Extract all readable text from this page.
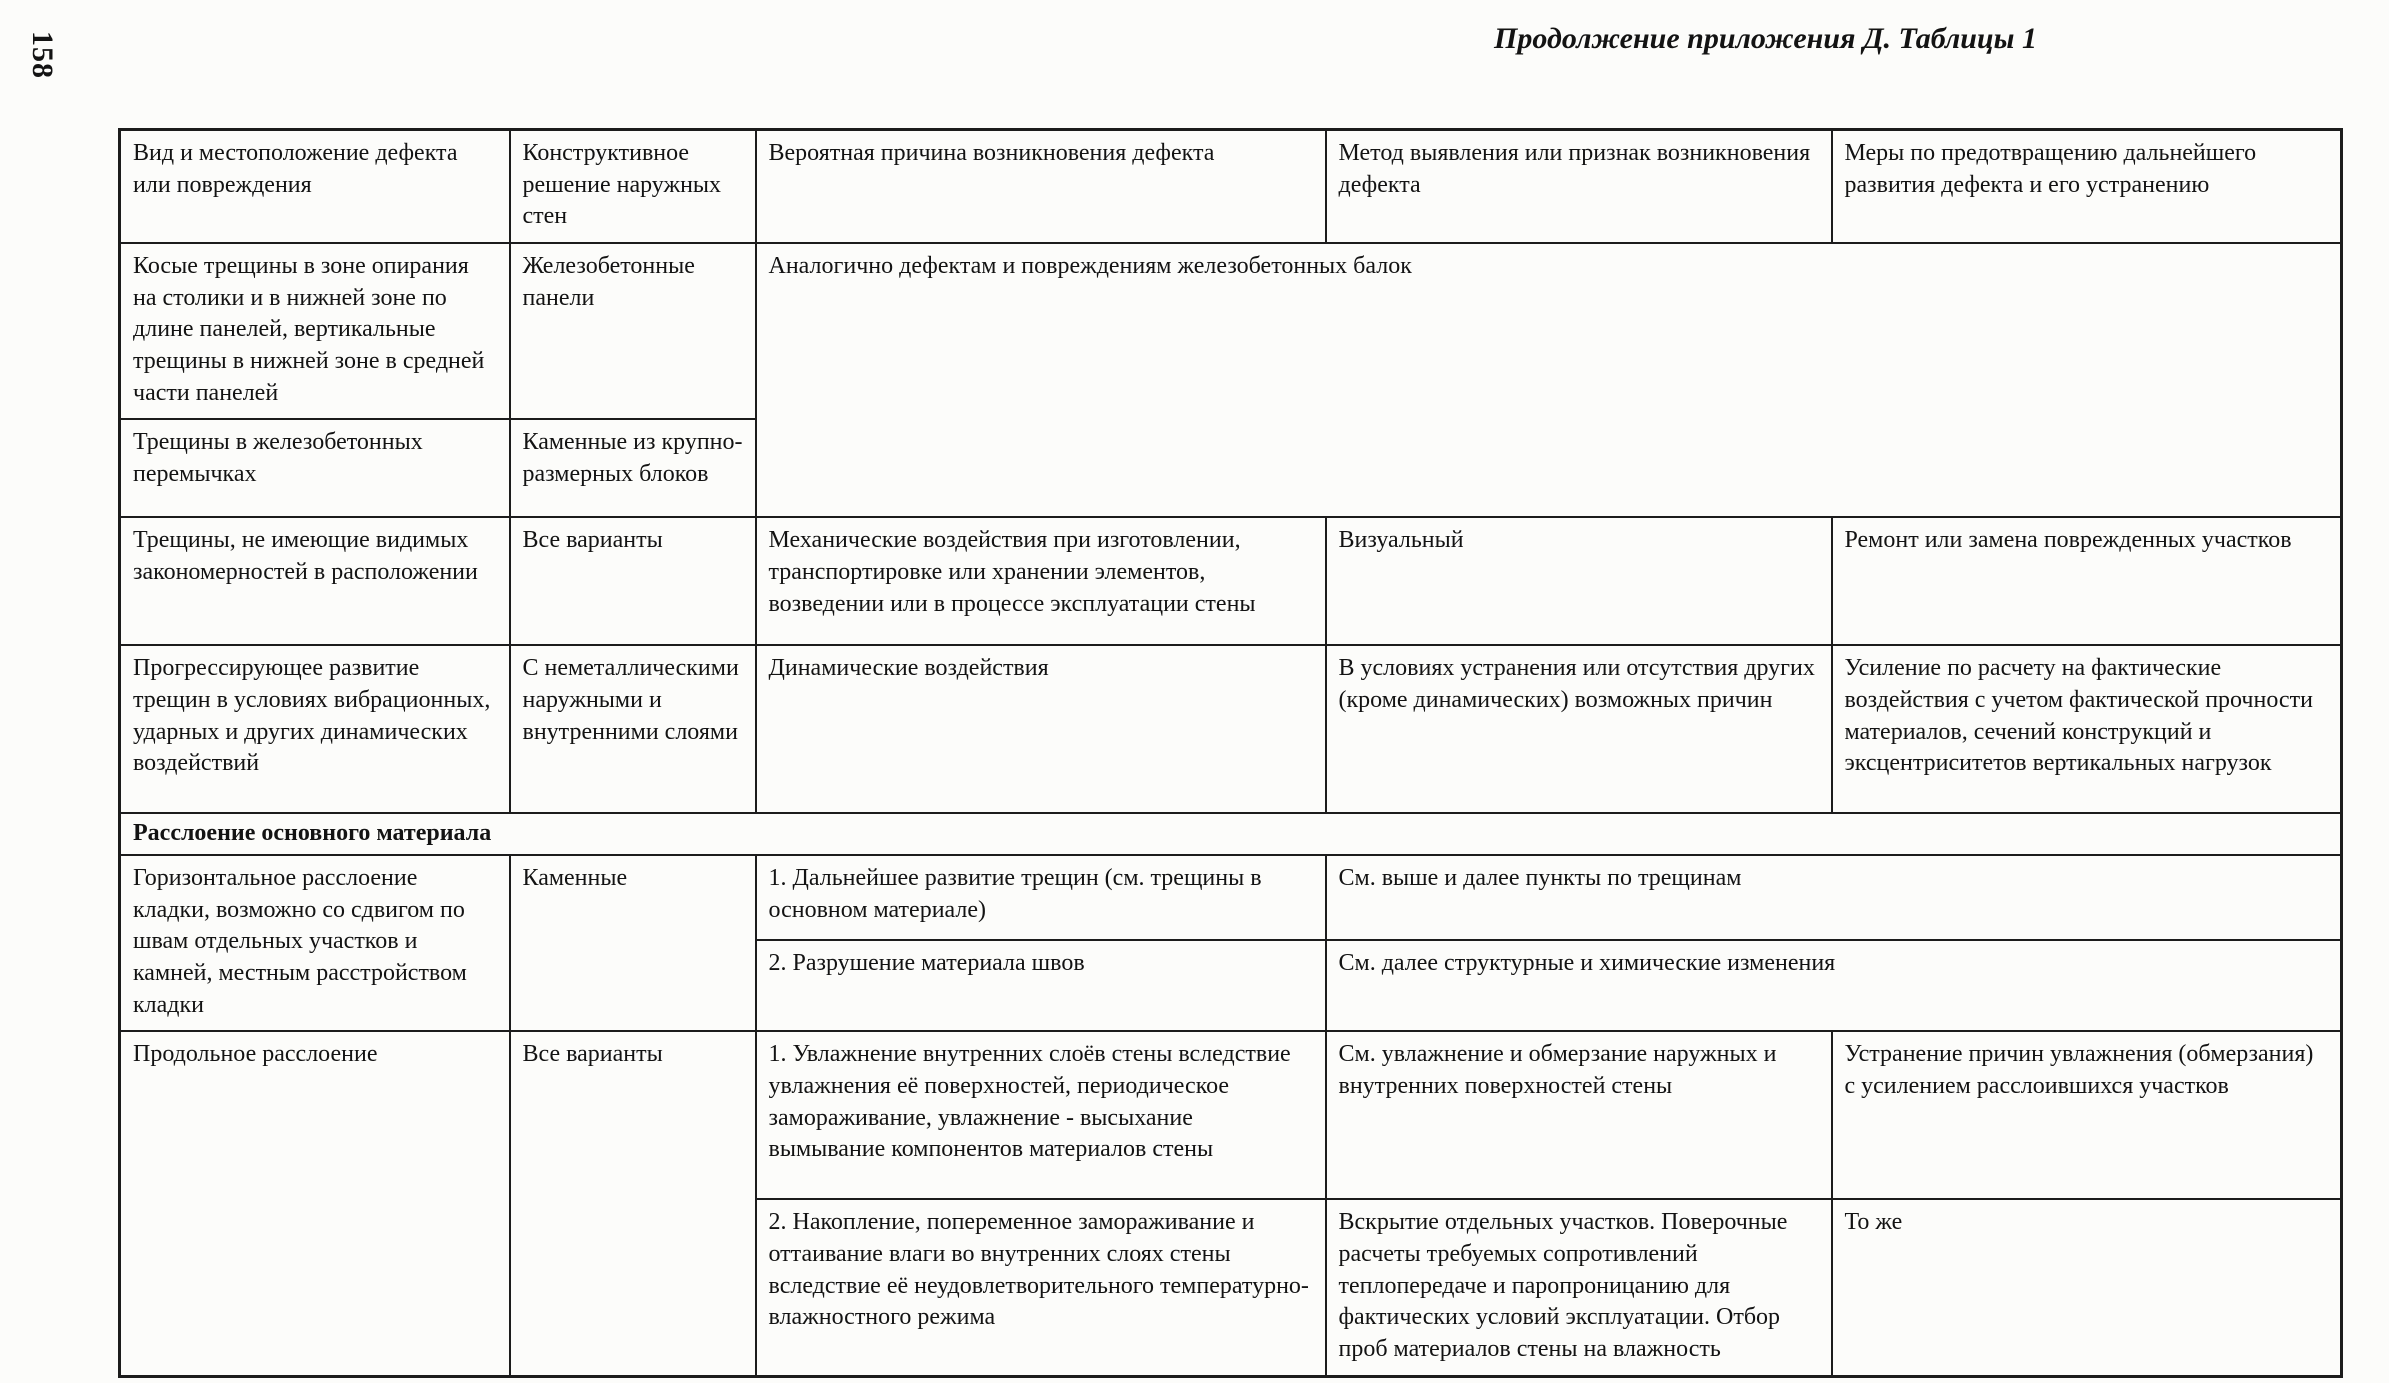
158	Продолжение приложения Д. Таблицы 1
Вид и местоположение дефекта или повреждения	Конструктивное решение наружных стен	Вероятная причина возникновения дефекта	Метод выявления или признак возникновения дефекта	Меры по предотвращению дальнейшего развития дефекта и его устранению
Косые трещины в зоне опирания на столики и в нижней зоне по длине панелей, вертикальные трещины в нижней зоне в средней части панелей	Железобетонные панели	Аналогично дефектам и повреждениям железобетонных балок		
Трещины в железобетонных перемычках	Каменные из крупно-размерных блоков			
Трещины, не имеющие видимых закономерностей в расположении	Все варианты	Механические воздействия при изготовлении, транспортировке или хранении элементов, возведении или в процессе эксплуатации стены	Визуальный	Ремонт или замена поврежденных участков
Прогрессирующее развитие трещин в условиях вибрационных, ударных и других динамических воздействий	С неметаллическими наружными и внутренними слоями	Динамические воздействия	В условиях устранения или отсутствия других (кроме динамических) возможных причин	Усиление по расчету на фактические воздействия с учетом фактической прочности материалов, сечений конструкций и эксцентриситетов вертикальных нагрузок
Расслоение основного материала				
Горизонтальное расслоение кладки, возможно со сдвигом по швам отдельных участков и камней, местным расстройством кладки	Каменные	1. Дальнейшее развитие трещин (см. трещины в основном материале)	См. выше и далее пункты по трещинам	
		2. Разрушение материала швов	См. далее структурные и химические изменения	
Продольное расслоение	Все варианты	1. Увлажнение внутренних слоёв стены вследствие увлажнения её поверхностей, периодическое замораживание, увлажнение - высыхание вымывание компонентов материалов стены	См. увлажнение и обмерзание наружных и внутренних поверхностей стены	Устранение причин увлажнения (обмерзания) с усилением расслоившихся участков
		2. Накопление, попеременное замораживание и оттаивание влаги во внутренних слоях стены вследствие её неудовлетворительного температурно-влажностного режима	Вскрытие отдельных участков. Поверочные расчеты требуемых сопротивлений теплопередаче и паропроницанию для фактических условий эксплуатации. Отбор проб материалов стены на влажность	То же
